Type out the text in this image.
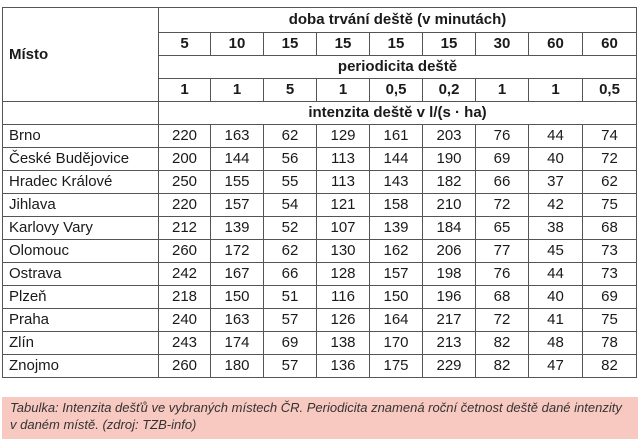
Místo	doba trvání deště (v minutách)								
	5	10	15	15	15	15	30	60	60
	periodicita deště								
	1	1	5	1	0,5	0,2	1	1	0,5
	intenzita deště v l/(s · ha)								
Brno	220	163	62	129	161	203	76	44	74
České Budějovice	200	144	56	113	144	190	69	40	72
Hradec Králové	250	155	55	113	143	182	66	37	62
Jihlava	220	157	54	121	158	210	72	42	75
Karlovy Vary	212	139	52	107	139	184	65	38	68
Olomouc	260	172	62	130	162	206	77	45	73
Ostrava	242	167	66	128	157	198	76	44	73
Plzeň	218	150	51	116	150	196	68	40	69
Praha	240	163	57	126	164	217	72	41	75
Zlín	243	174	69	138	170	213	82	48	78
Znojmo	260	180	57	136	175	229	82	47	82
Tabulka: Intenzita dešťů ve vybraných místech ČR. Periodicita znamená roční četnost deště dané intenzity v daném místě. (zdroj: TZB-info)
